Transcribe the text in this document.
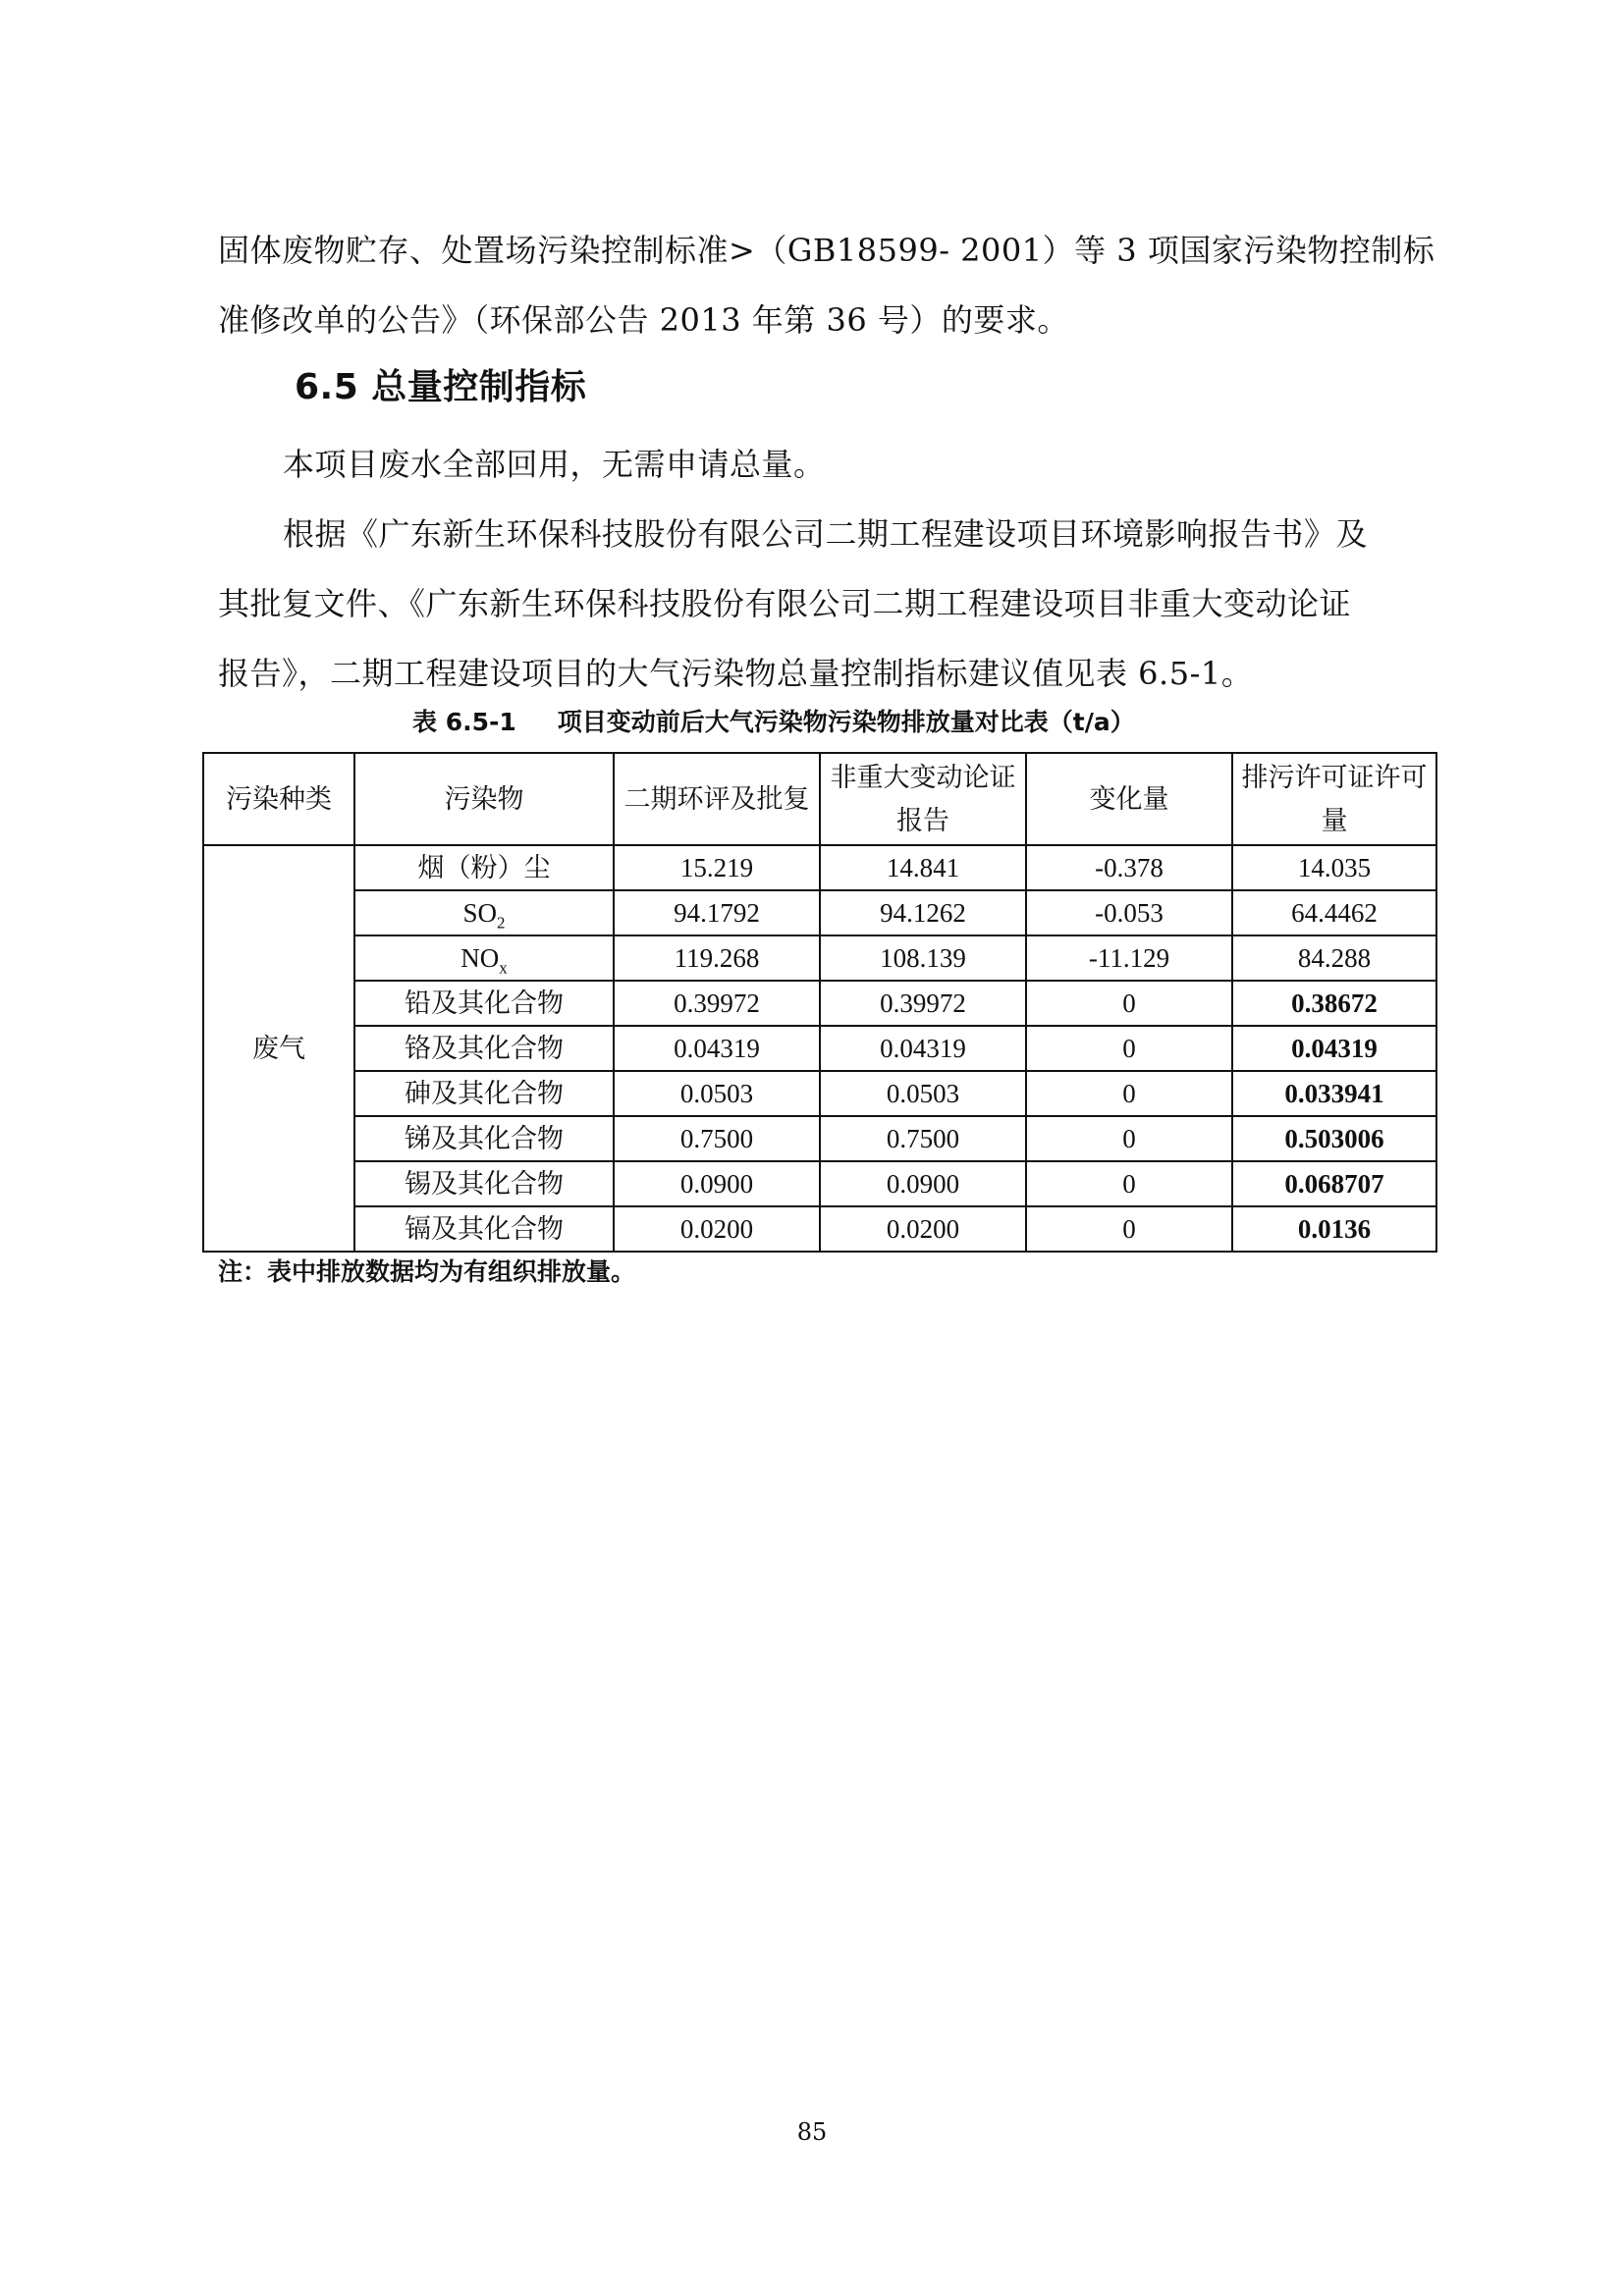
固体废物贮存、处置场污染控制标准>（GB18599- 2001）等 3 项国家污染物控制标
准修改单的公告》（环保部公告 2013 年第 36 号）的要求。
6.5 总量控制指标
本项目废水全部回用，无需申请总量。
根据《广东新生环保科技股份有限公司二期工程建设项目环境影响报告书》及
其批复文件、《广东新生环保科技股份有限公司二期工程建设项目非重大变动论证
报告》，二期工程建设项目的大气污染物总量控制指标建议值见表 6.5-1。
表 6.5-1 项目变动前后大气污染物污染物排放量对比表（t/a）
污染种类	污染物	二期环评及批复	非重大变动论证报告	变化量	排污许可证许可量
废气	烟（粉）尘	15.219	14.841	-0.378	14.035
	$SO_2$	94.1792	94.1262	-0.053	64.4462
	$NO_x$	119.268	108.139	-11.129	84.288
	铅及其化合物	0.39972	0.39972	0	0.38672
	铬及其化合物	0.04319	0.04319	0	0.04319
	砷及其化合物	0.0503	0.0503	0	0.033941
	锑及其化合物	0.7500	0.7500	0	0.503006
	锡及其化合物	0.0900	0.0900	0	0.068707
	镉及其化合物	0.0200	0.0200	0	0.0136
注：表中排放数据均为有组织排放量。
85
